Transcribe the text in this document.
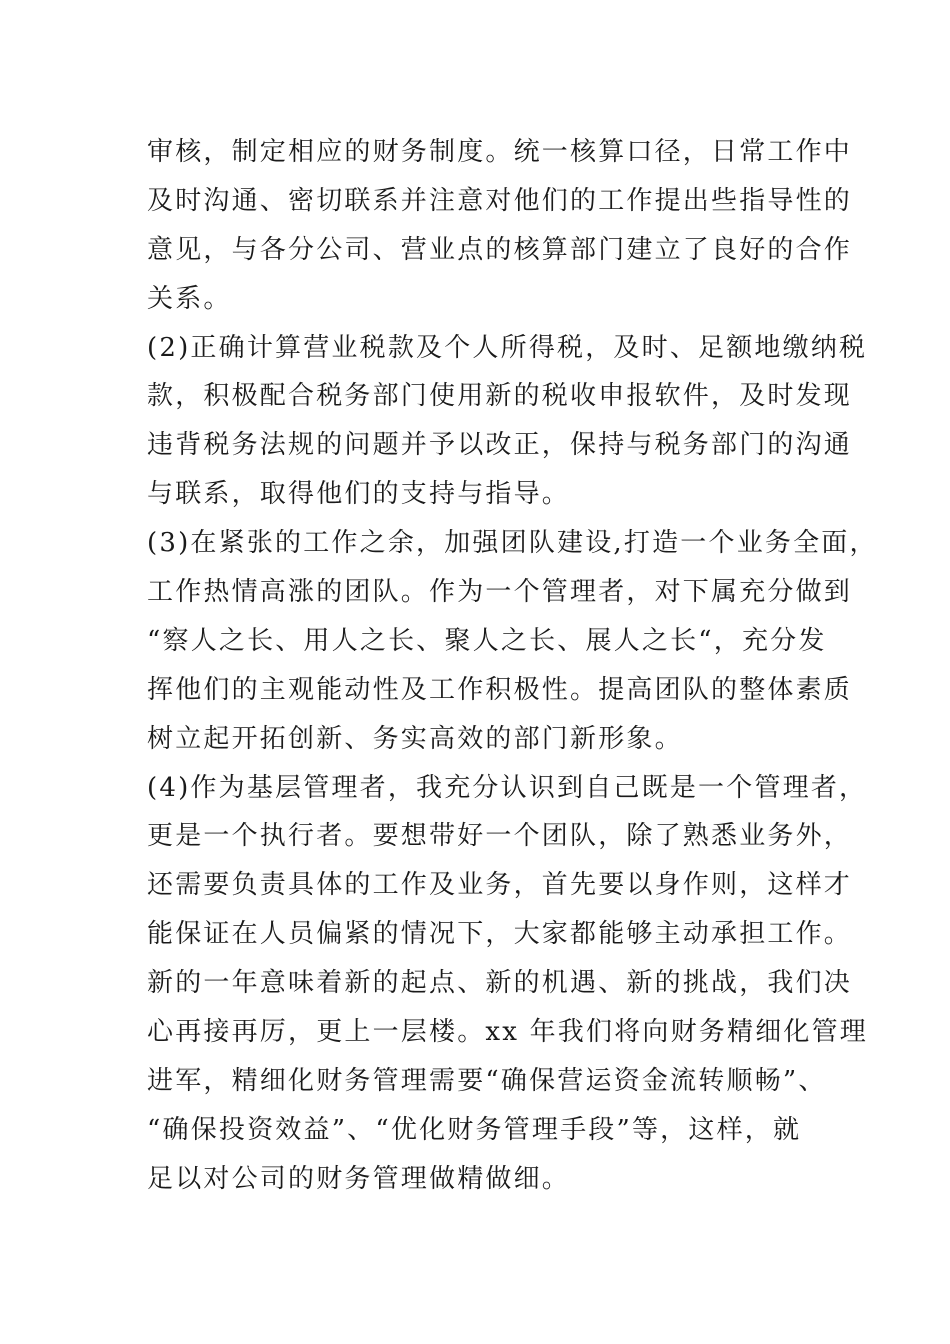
审核，制定相应的财务制度。统一核算口径，日常工作中
及时沟通、密切联系并注意对他们的工作提出些指导性的
意见，与各分公司、营业点的核算部门建立了良好的合作
关系。
(2)正确计算营业税款及个人所得税，及时、足额地缴纳税
款，积极配合税务部门使用新的税收申报软件，及时发现
违背税务法规的问题并予以改正，保持与税务部门的沟通
与联系，取得他们的支持与指导。
(3)在紧张的工作之余，加强团队建设,打造一个业务全面，
工作热情高涨的团队。作为一个管理者，对下属充分做到
“察人之长、用人之长、聚人之长、展人之长“，充分发
挥他们的主观能动性及工作积极性。提高团队的整体素质
树立起开拓创新、务实高效的部门新形象。
(4)作为基层管理者，我充分认识到自己既是一个管理者，
更是一个执行者。要想带好一个团队，除了熟悉业务外，
还需要负责具体的工作及业务，首先要以身作则，这样才
能保证在人员偏紧的情况下，大家都能够主动承担工作。
新的一年意味着新的起点、新的机遇、新的挑战，我们决
心再接再厉，更上一层楼。xx 年我们将向财务精细化管理
进军，精细化财务管理需要“确保营运资金流转顺畅”、
“确保投资效益”、“优化财务管理手段”等，这样，就
足以对公司的财务管理做精做细。
